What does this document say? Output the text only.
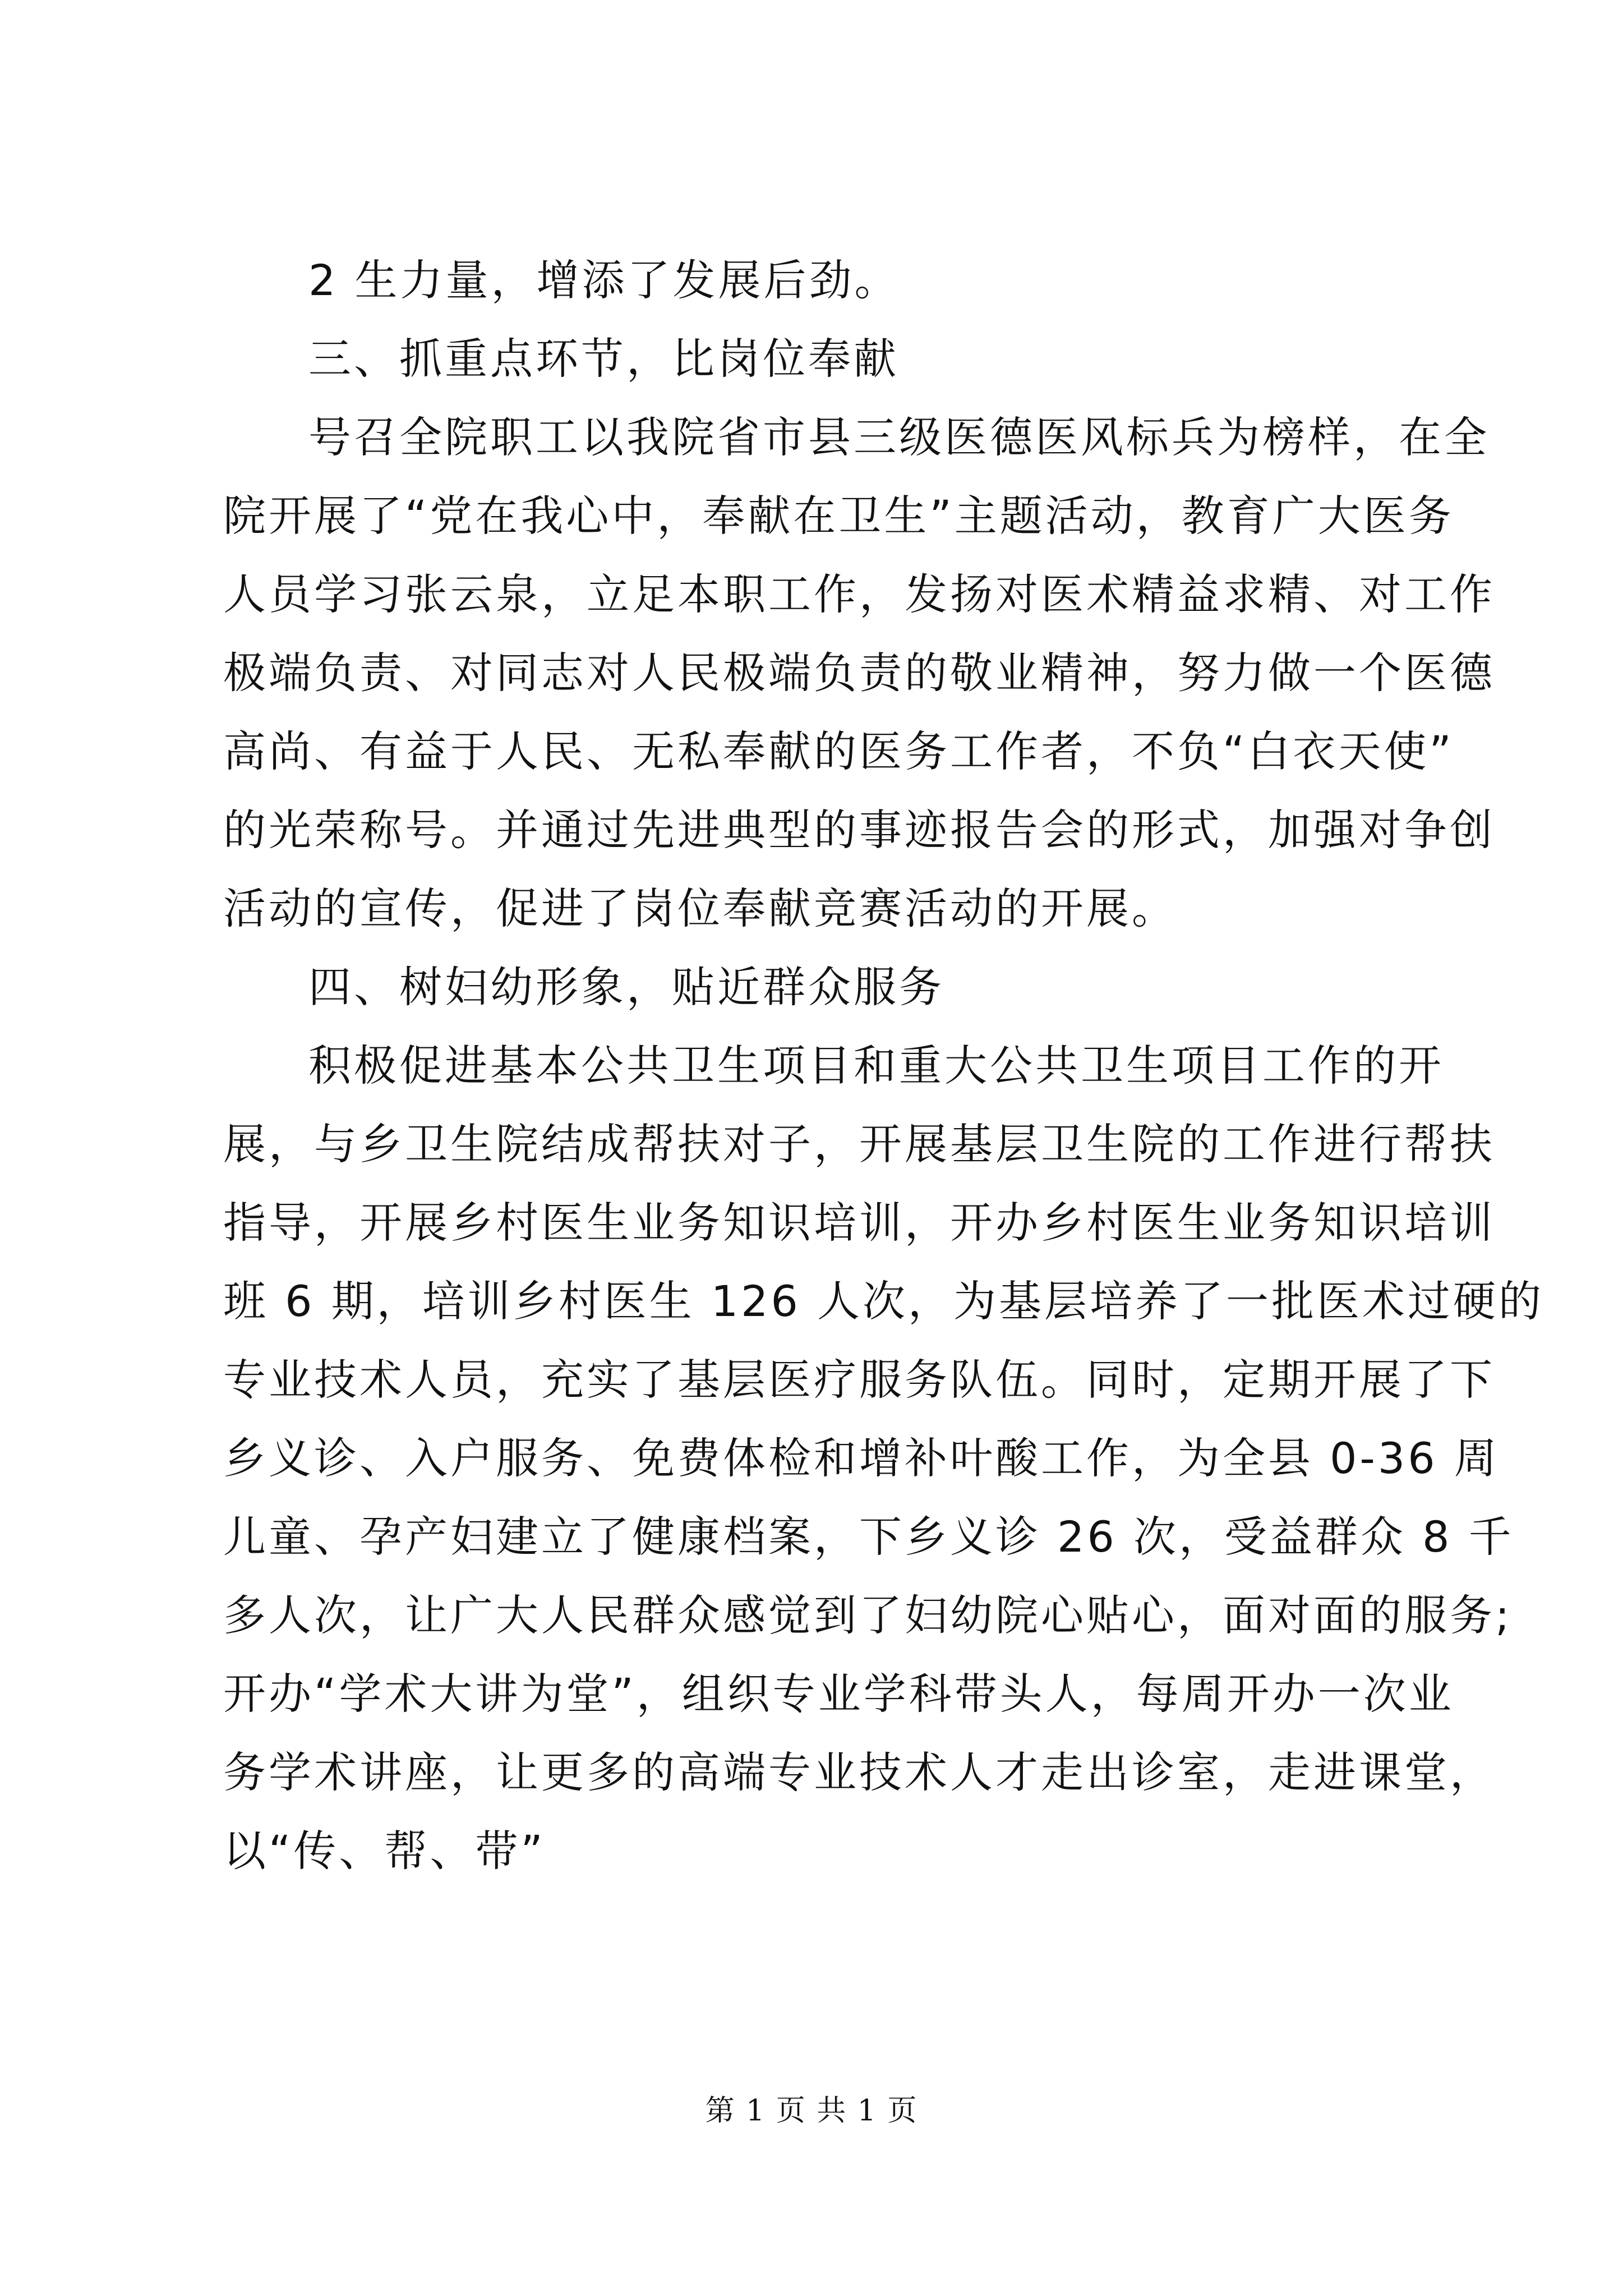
2 生力量，增添了发展后劲。
三、抓重点环节，比岗位奉献
号召全院职工以我院省市县三级医德医风标兵为榜样，在全
院开展了“党在我心中，奉献在卫生”主题活动，教育广大医务
人员学习张云泉，立足本职工作，发扬对医术精益求精、对工作
极端负责、对同志对人民极端负责的敬业精神，努力做一个医德
高尚、有益于人民、无私奉献的医务工作者，不负“白衣天使”
的光荣称号。并通过先进典型的事迹报告会的形式，加强对争创
活动的宣传，促进了岗位奉献竞赛活动的开展。
四、树妇幼形象，贴近群众服务
积极促进基本公共卫生项目和重大公共卫生项目工作的开
展，与乡卫生院结成帮扶对子，开展基层卫生院的工作进行帮扶
指导，开展乡村医生业务知识培训，开办乡村医生业务知识培训
班 6 期，培训乡村医生 126 人次，为基层培养了一批医术过硬的
专业技术人员，充实了基层医疗服务队伍。同时，定期开展了下
乡义诊、入户服务、免费体检和增补叶酸工作，为全县 0-36 周
儿童、孕产妇建立了健康档案，下乡义诊 26 次，受益群众 8 千
多人次，让广大人民群众感觉到了妇幼院心贴心，面对面的服务;
开办“学术大讲为堂”，组织专业学科带头人，每周开办一次业
务学术讲座，让更多的高端专业技术人才走出诊室，走进课堂，
以“传、帮、带”
第 1 页 共 1 页
